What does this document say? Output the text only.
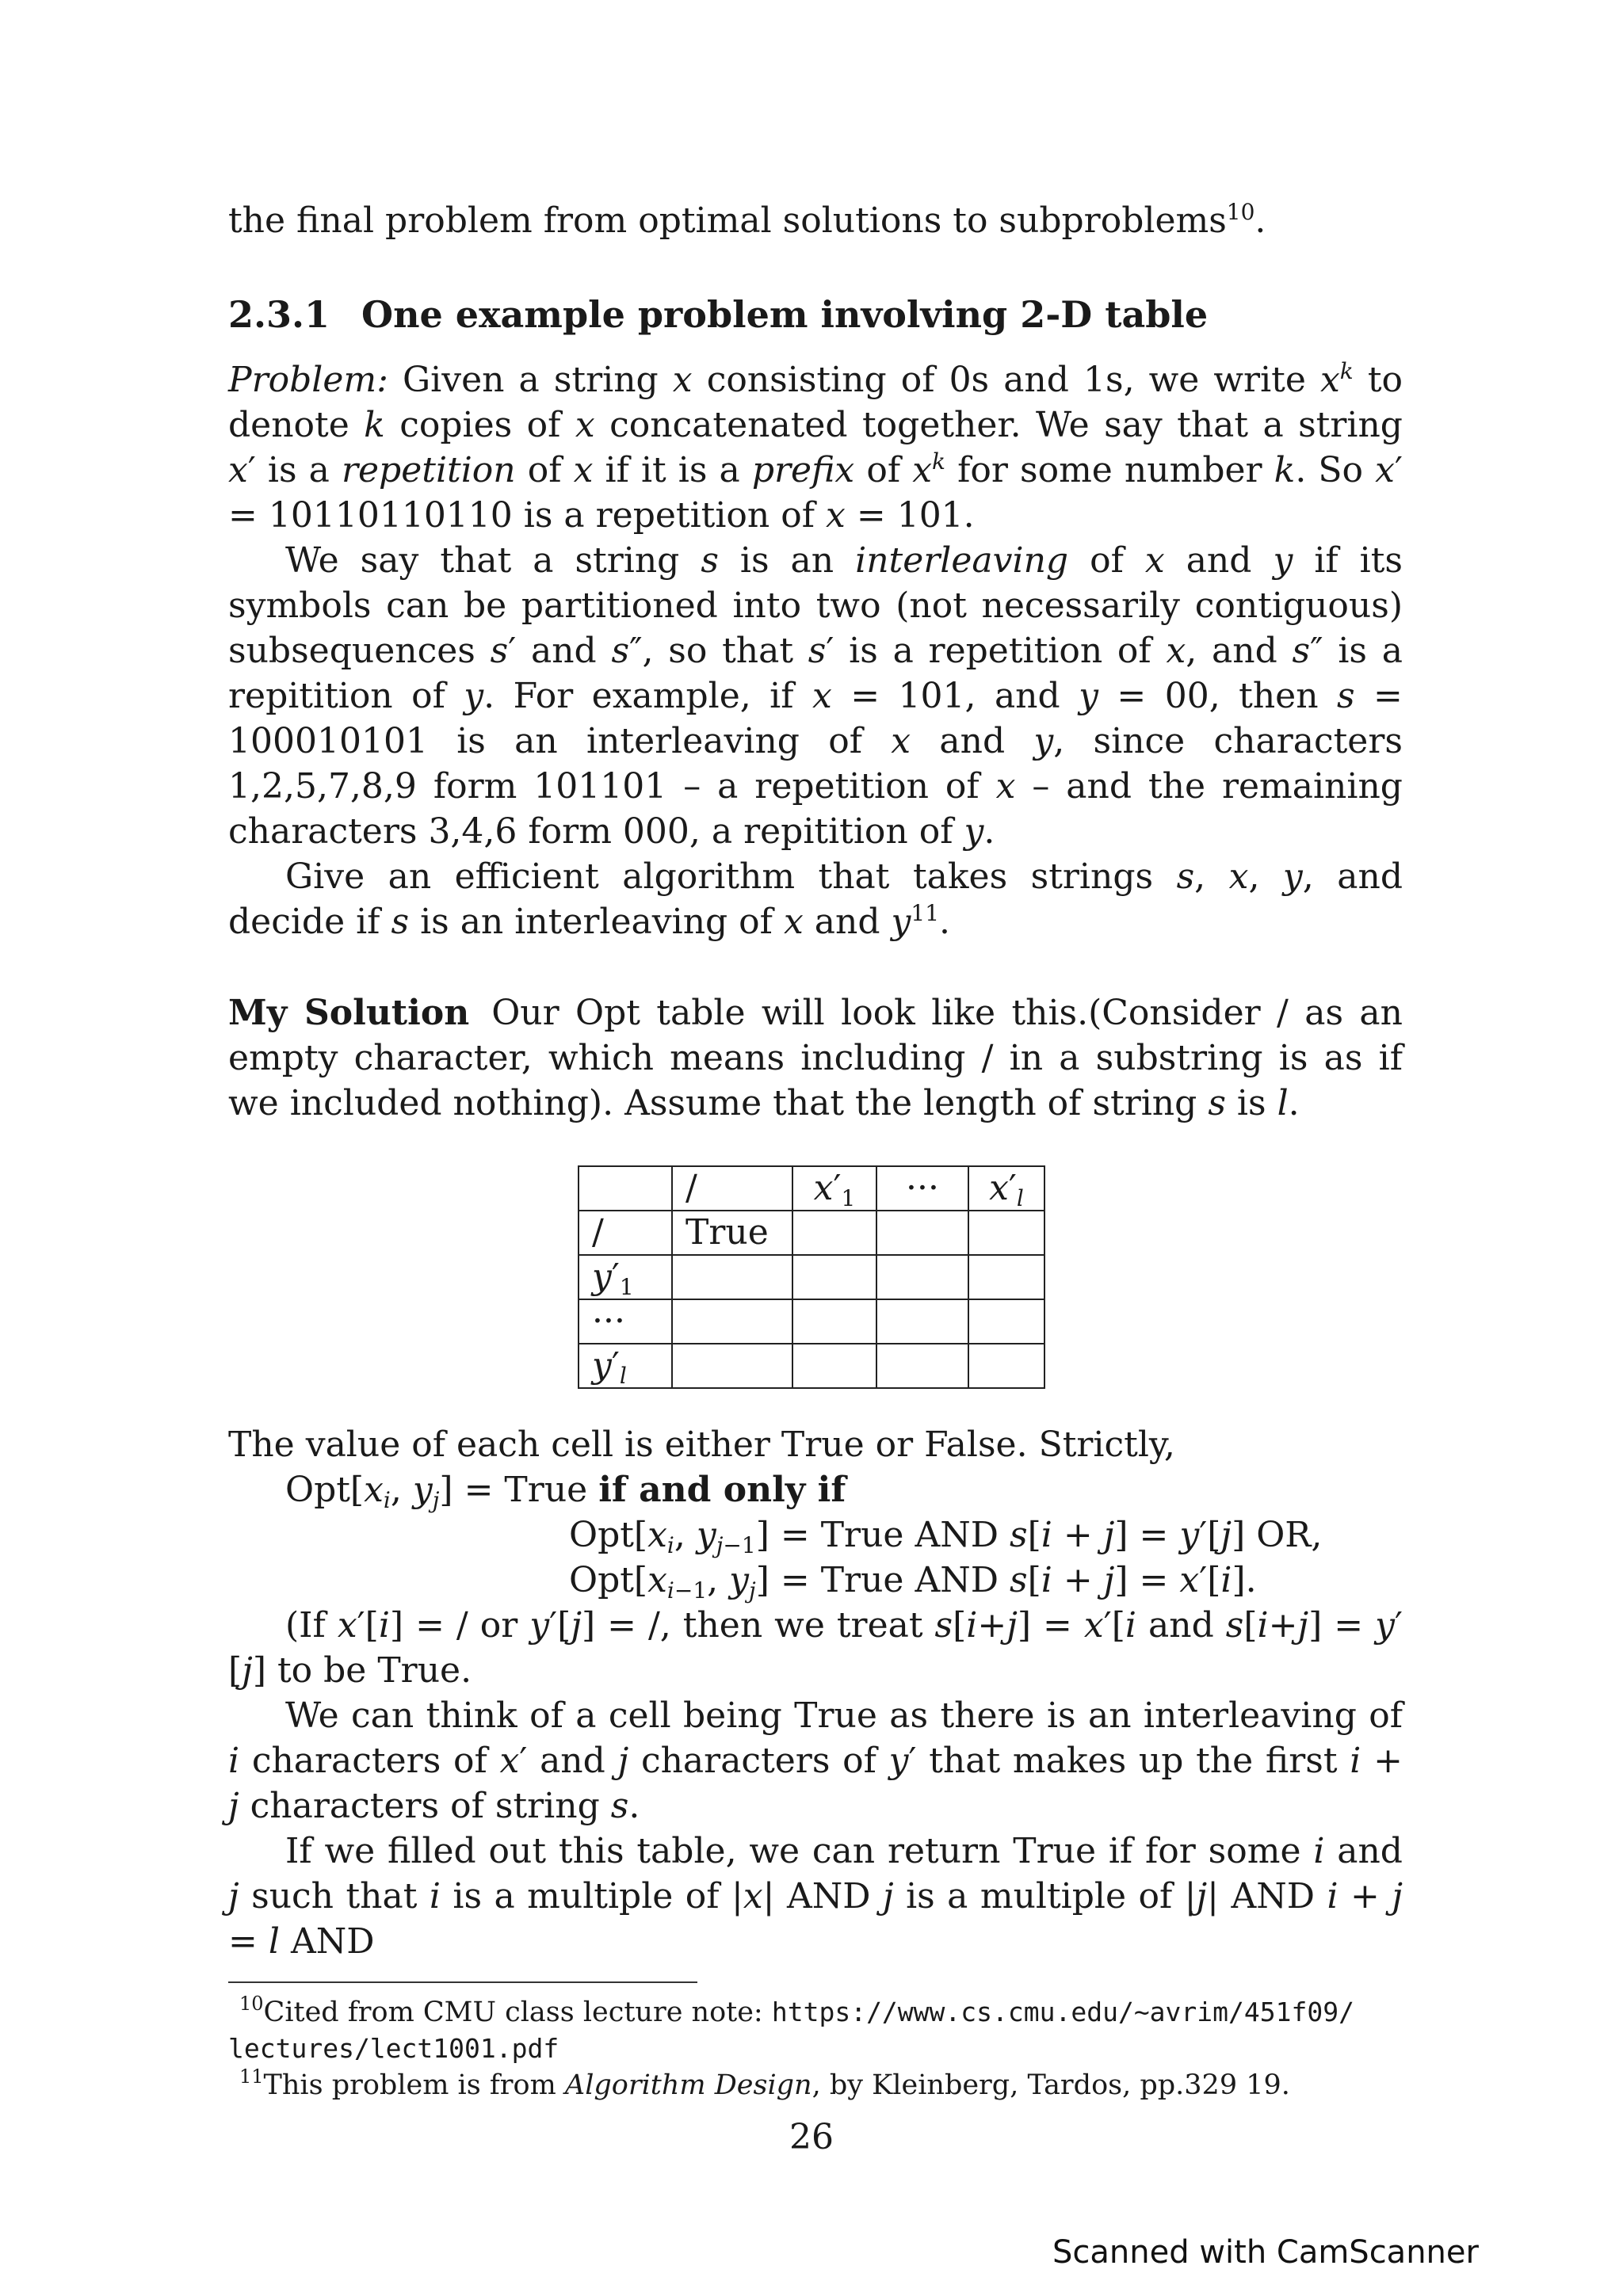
the final problem from optimal solutions to subproblems$^{10}$.

2.3.1 One example problem involving 2-D table

Problem: Given a string x consisting of 0s and 1s, we write $x^k$ to denote k copies of x concatenated together. We say that a string x′ is a repetition of x if it is a prefix of $x^k$ for some number k. So x′ = 10110110110 is a repetition of x = 101.

We say that a string s is an interleaving of x and y if its symbols can be partitioned into two (not necessarily contiguous) subsequences s′ and s″, so that s′ is a repetition of x, and s″ is a repitition of y. For example, if x = 101, and y = 00, then s = 100010101 is an interleaving of x and y, since characters 1,2,5,7,8,9 form 101101 – a repetition of x – and the remaining characters 3,4,6 form 000, a repitition of y.

Give an efficient algorithm that takes strings s, x, y, and decide if s is an interleaving of x and $y^{11}$.

My Solution Our Opt table will look like this.(Consider / as an empty character, which means including / in a substring is as if we included nothing). Assume that the length of string s is l.

	/	$x'_1$	···	$x'_l$
/	True			
$y'_1$				
···				
$y'_l$				

The value of each cell is either True or False. Strictly,

$Opt[x_i$, $y_j$] = True if and only if

$Opt[x_i$, $y_{j-1}$] = True AND s[i + j] = y′[j] OR,

$Opt[x_{i-1}$, $y_j$] = True AND s[i + j] = x′[i].

(If x′[i] = / or y′[j] = /, then we treat s[i+j] = x′[i and s[i+j] = y′[j] to be True.

We can think of a cell being True as there is an interleaving of i characters of x′ and j characters of y′ that makes up the first i + j characters of string s.

If we filled out this table, we can return True if for some i and j such that i is a multiple of |x| AND j is a multiple of |j| AND i + j = l AND

$^{10}$Cited from CMU class lecture note: https://www.cs.cmu.edu/~avrim/451f09/
lectures/lect1001.pdf
$^{11}$This problem is from Algorithm Design, by Kleinberg, Tardos, pp.329 19.
26
Scanned with CamScanner
